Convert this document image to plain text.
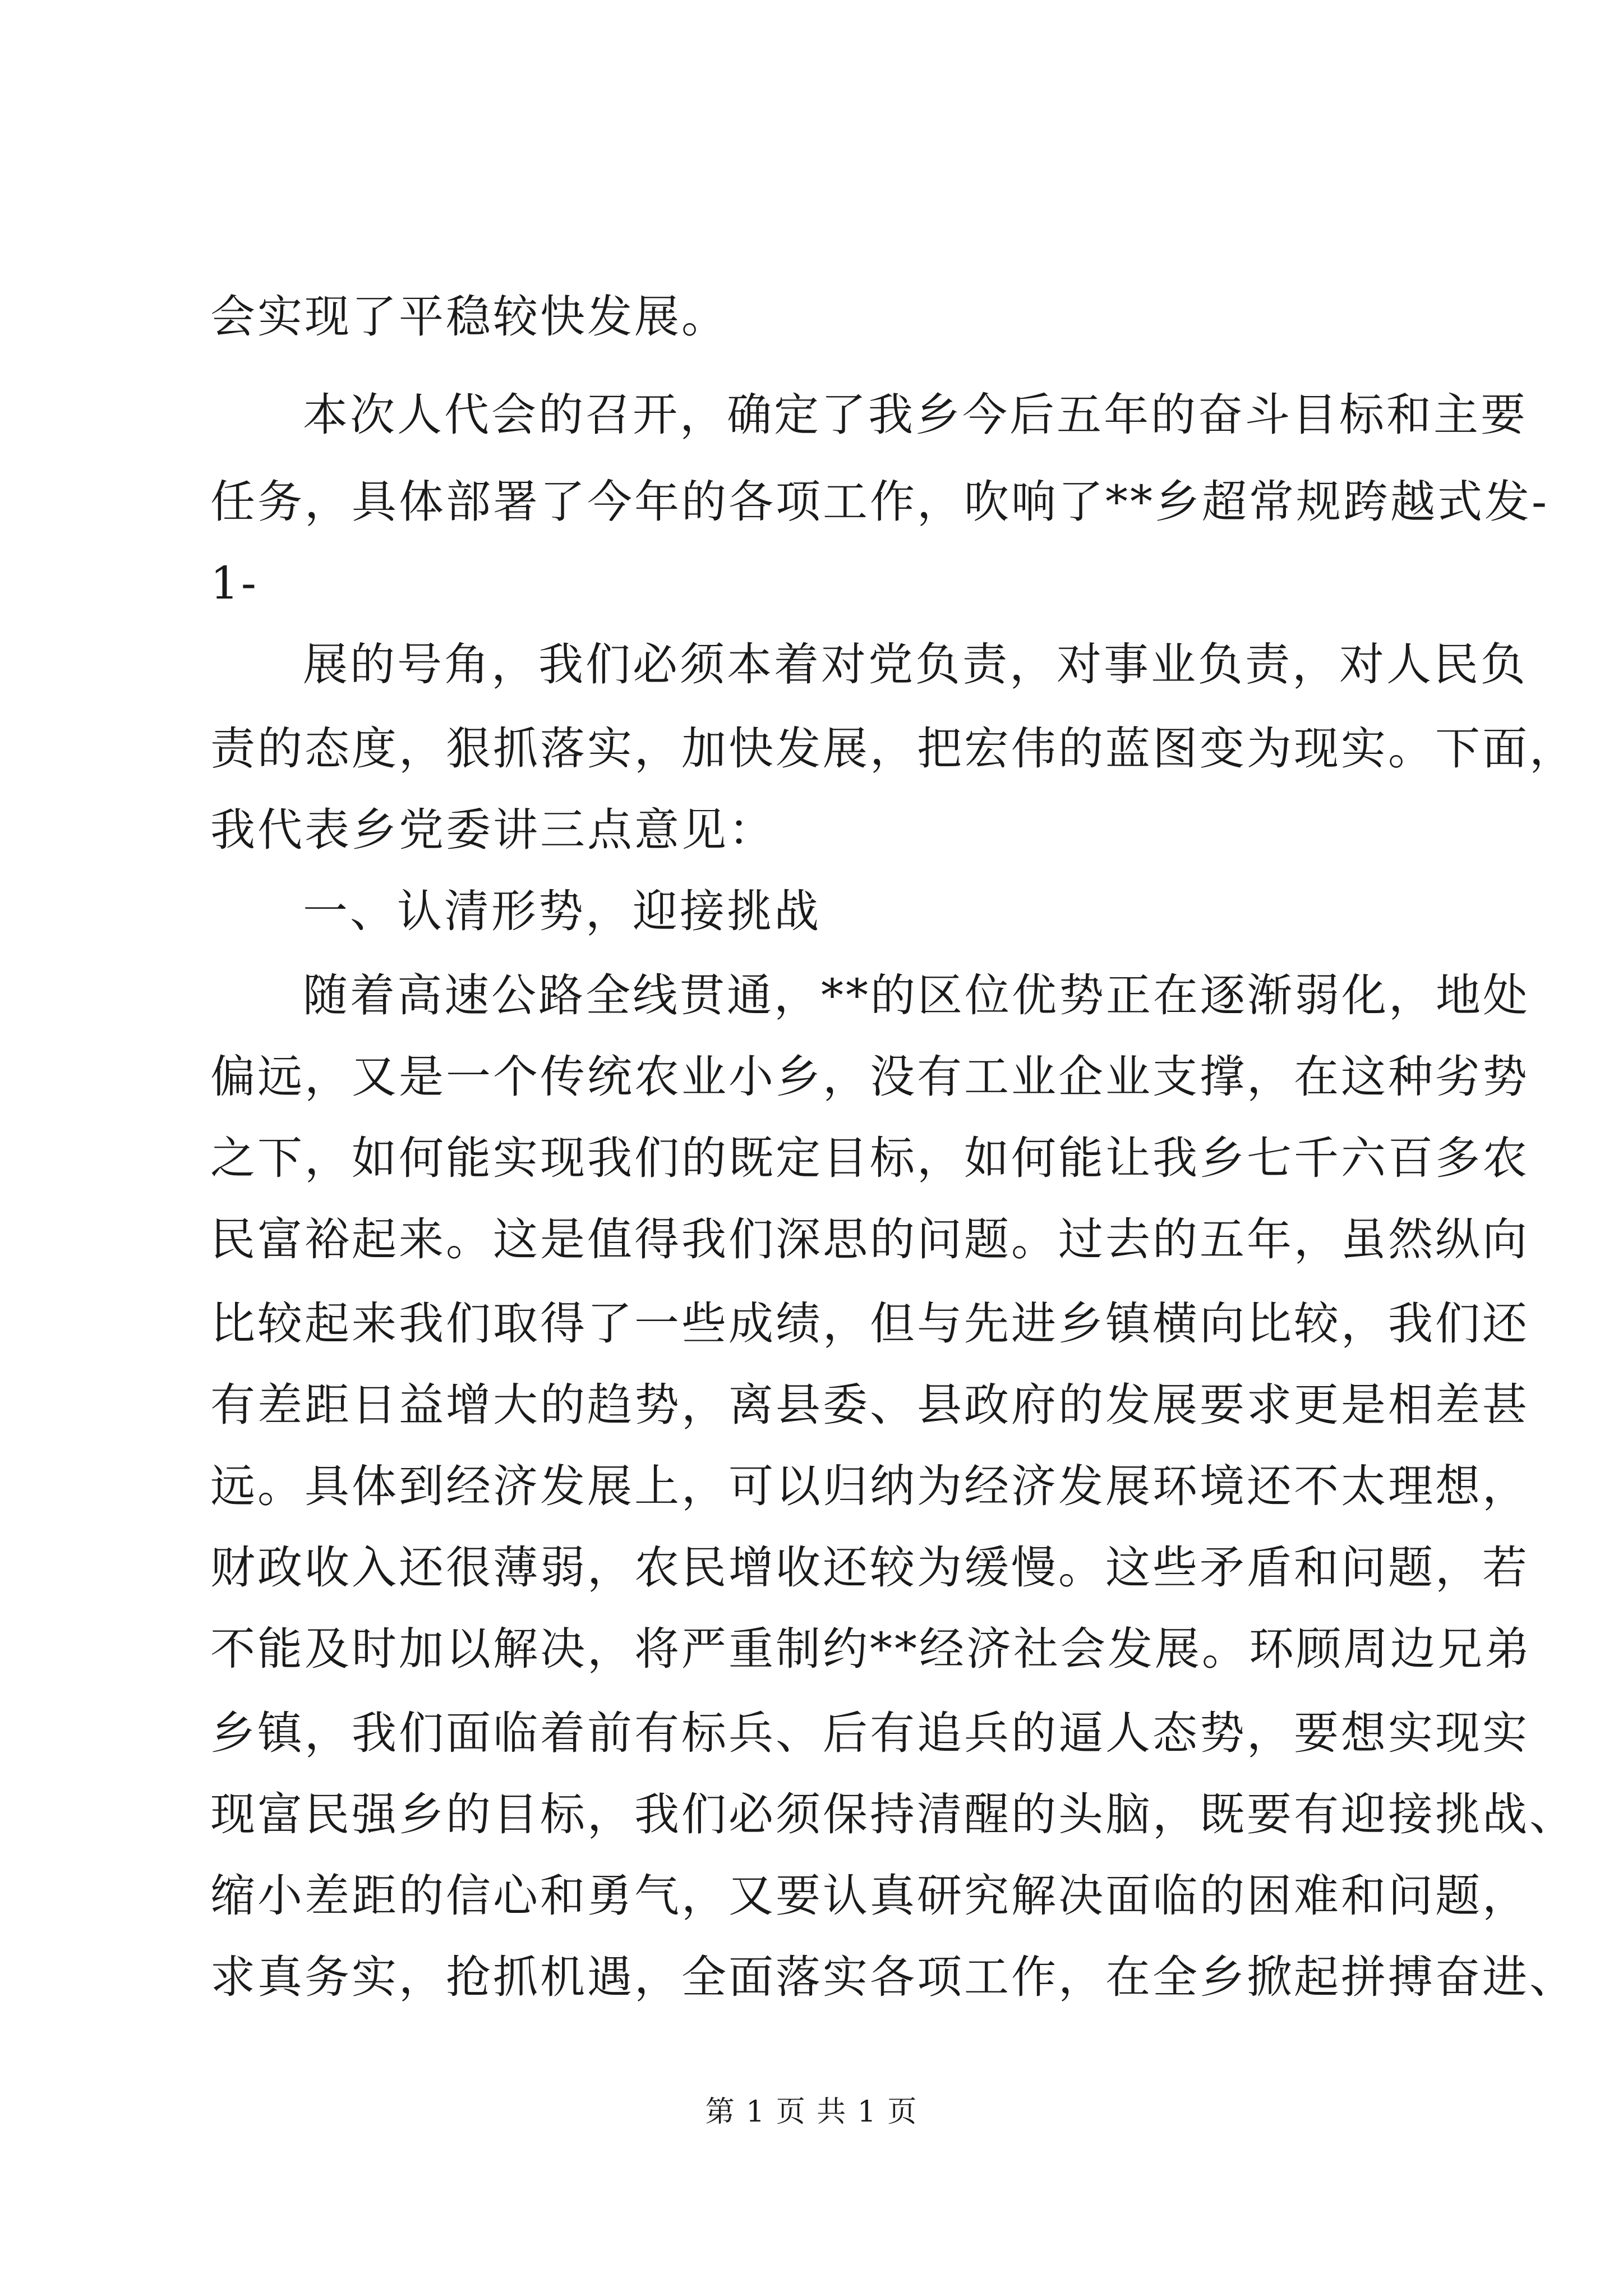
会实现了平稳较快发展。
本次人代会的召开，确定了我乡今后五年的奋斗目标和主要
任务，具体部署了今年的各项工作，吹响了**乡超常规跨越式发-
1-
展的号角，我们必须本着对党负责，对事业负责，对人民负
责的态度，狠抓落实，加快发展，把宏伟的蓝图变为现实。下面，
我代表乡党委讲三点意见：
一、认清形势，迎接挑战
随着高速公路全线贯通，**的区位优势正在逐渐弱化，地处
偏远，又是一个传统农业小乡，没有工业企业支撑，在这种劣势
之下，如何能实现我们的既定目标，如何能让我乡七千六百多农
民富裕起来。这是值得我们深思的问题。过去的五年，虽然纵向
比较起来我们取得了一些成绩，但与先进乡镇横向比较，我们还
有差距日益增大的趋势，离县委、县政府的发展要求更是相差甚
远。具体到经济发展上，可以归纳为经济发展环境还不太理想，
财政收入还很薄弱，农民增收还较为缓慢。这些矛盾和问题，若
不能及时加以解决，将严重制约**经济社会发展。环顾周边兄弟
乡镇，我们面临着前有标兵、后有追兵的逼人态势，要想实现实
现富民强乡的目标，我们必须保持清醒的头脑，既要有迎接挑战、
缩小差距的信心和勇气，又要认真研究解决面临的困难和问题，
求真务实，抢抓机遇，全面落实各项工作，在全乡掀起拼搏奋进、
第 1 页 共 1 页
